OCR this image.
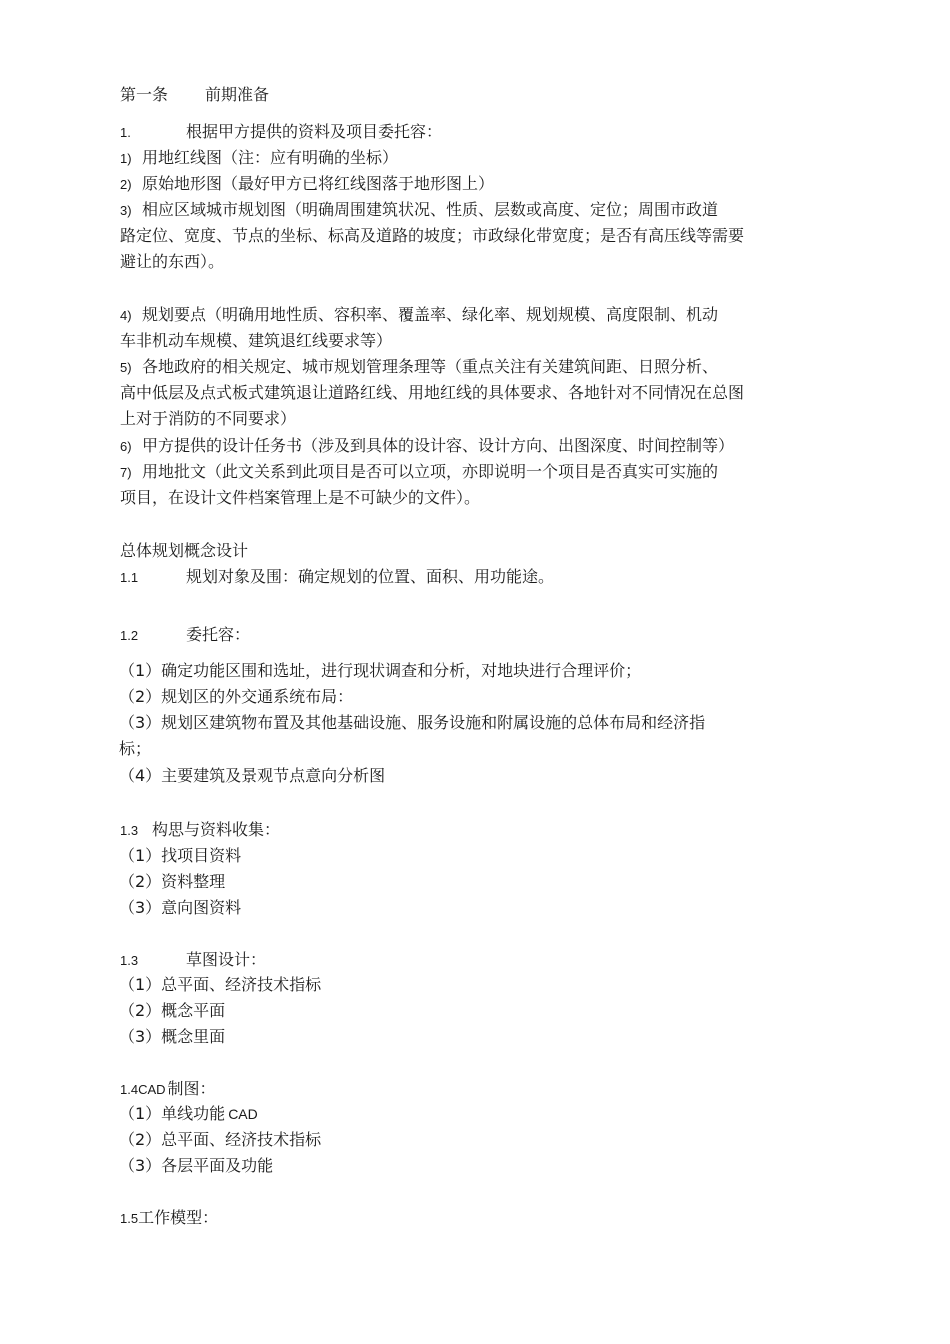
第一条 前期准备
1.	根据甲方提供的资料及项目委托容：
1) 用地红线图（注：应有明确的坐标）
2) 原始地形图（最好甲方已将红线图落于地形图上）
3) 相应区域城市规划图（明确周围建筑状况、性质、层数或高度、定位；周围市政道
路定位、宽度、节点的坐标、标高及道路的坡度；市政绿化带宽度；是否有高压线等需要
避让的东西）。
4) 规划要点（明确用地性质、容积率、覆盖率、绿化率、规划规模、高度限制、机动
车非机动车规模、建筑退红线要求等）
5) 各地政府的相关规定、城市规划管理条理等（重点关注有关建筑间距、日照分析、
高中低层及点式板式建筑退让道路红线、用地红线的具体要求、各地针对不同情况在总图
上对于消防的不同要求）
6) 甲方提供的设计任务书（涉及到具体的设计容、设计方向、出图深度、时间控制等）
7) 用地批文（此文关系到此项目是否可以立项，亦即说明一个项目是否真实可实施的
项目，在设计文件档案管理上是不可缺少的文件）。
总体规划概念设计
1.1	规划对象及围：确定规划的位置、面积、用功能途。
1.2	委托容：
（1）确定功能区围和选址，进行现状调查和分析，对地块进行合理评价；
（2）规划区的外交通系统布局：
（3）规划区建筑物布置及其他基础设施、服务设施和附属设施的总体布局和经济指
标；
（4）主要建筑及景观节点意向分析图
1.3 构思与资料收集：
（1）找项目资料
（2）资料整理
（3）意向图资料
1.3	草图设计：
（1）总平面、经济技术指标
（2）概念平面
（3）概念里面
1.4CAD 制图：
（1）单线功能 CAD
（2）总平面、经济技术指标
（3）各层平面及功能
1.5工作模型：
